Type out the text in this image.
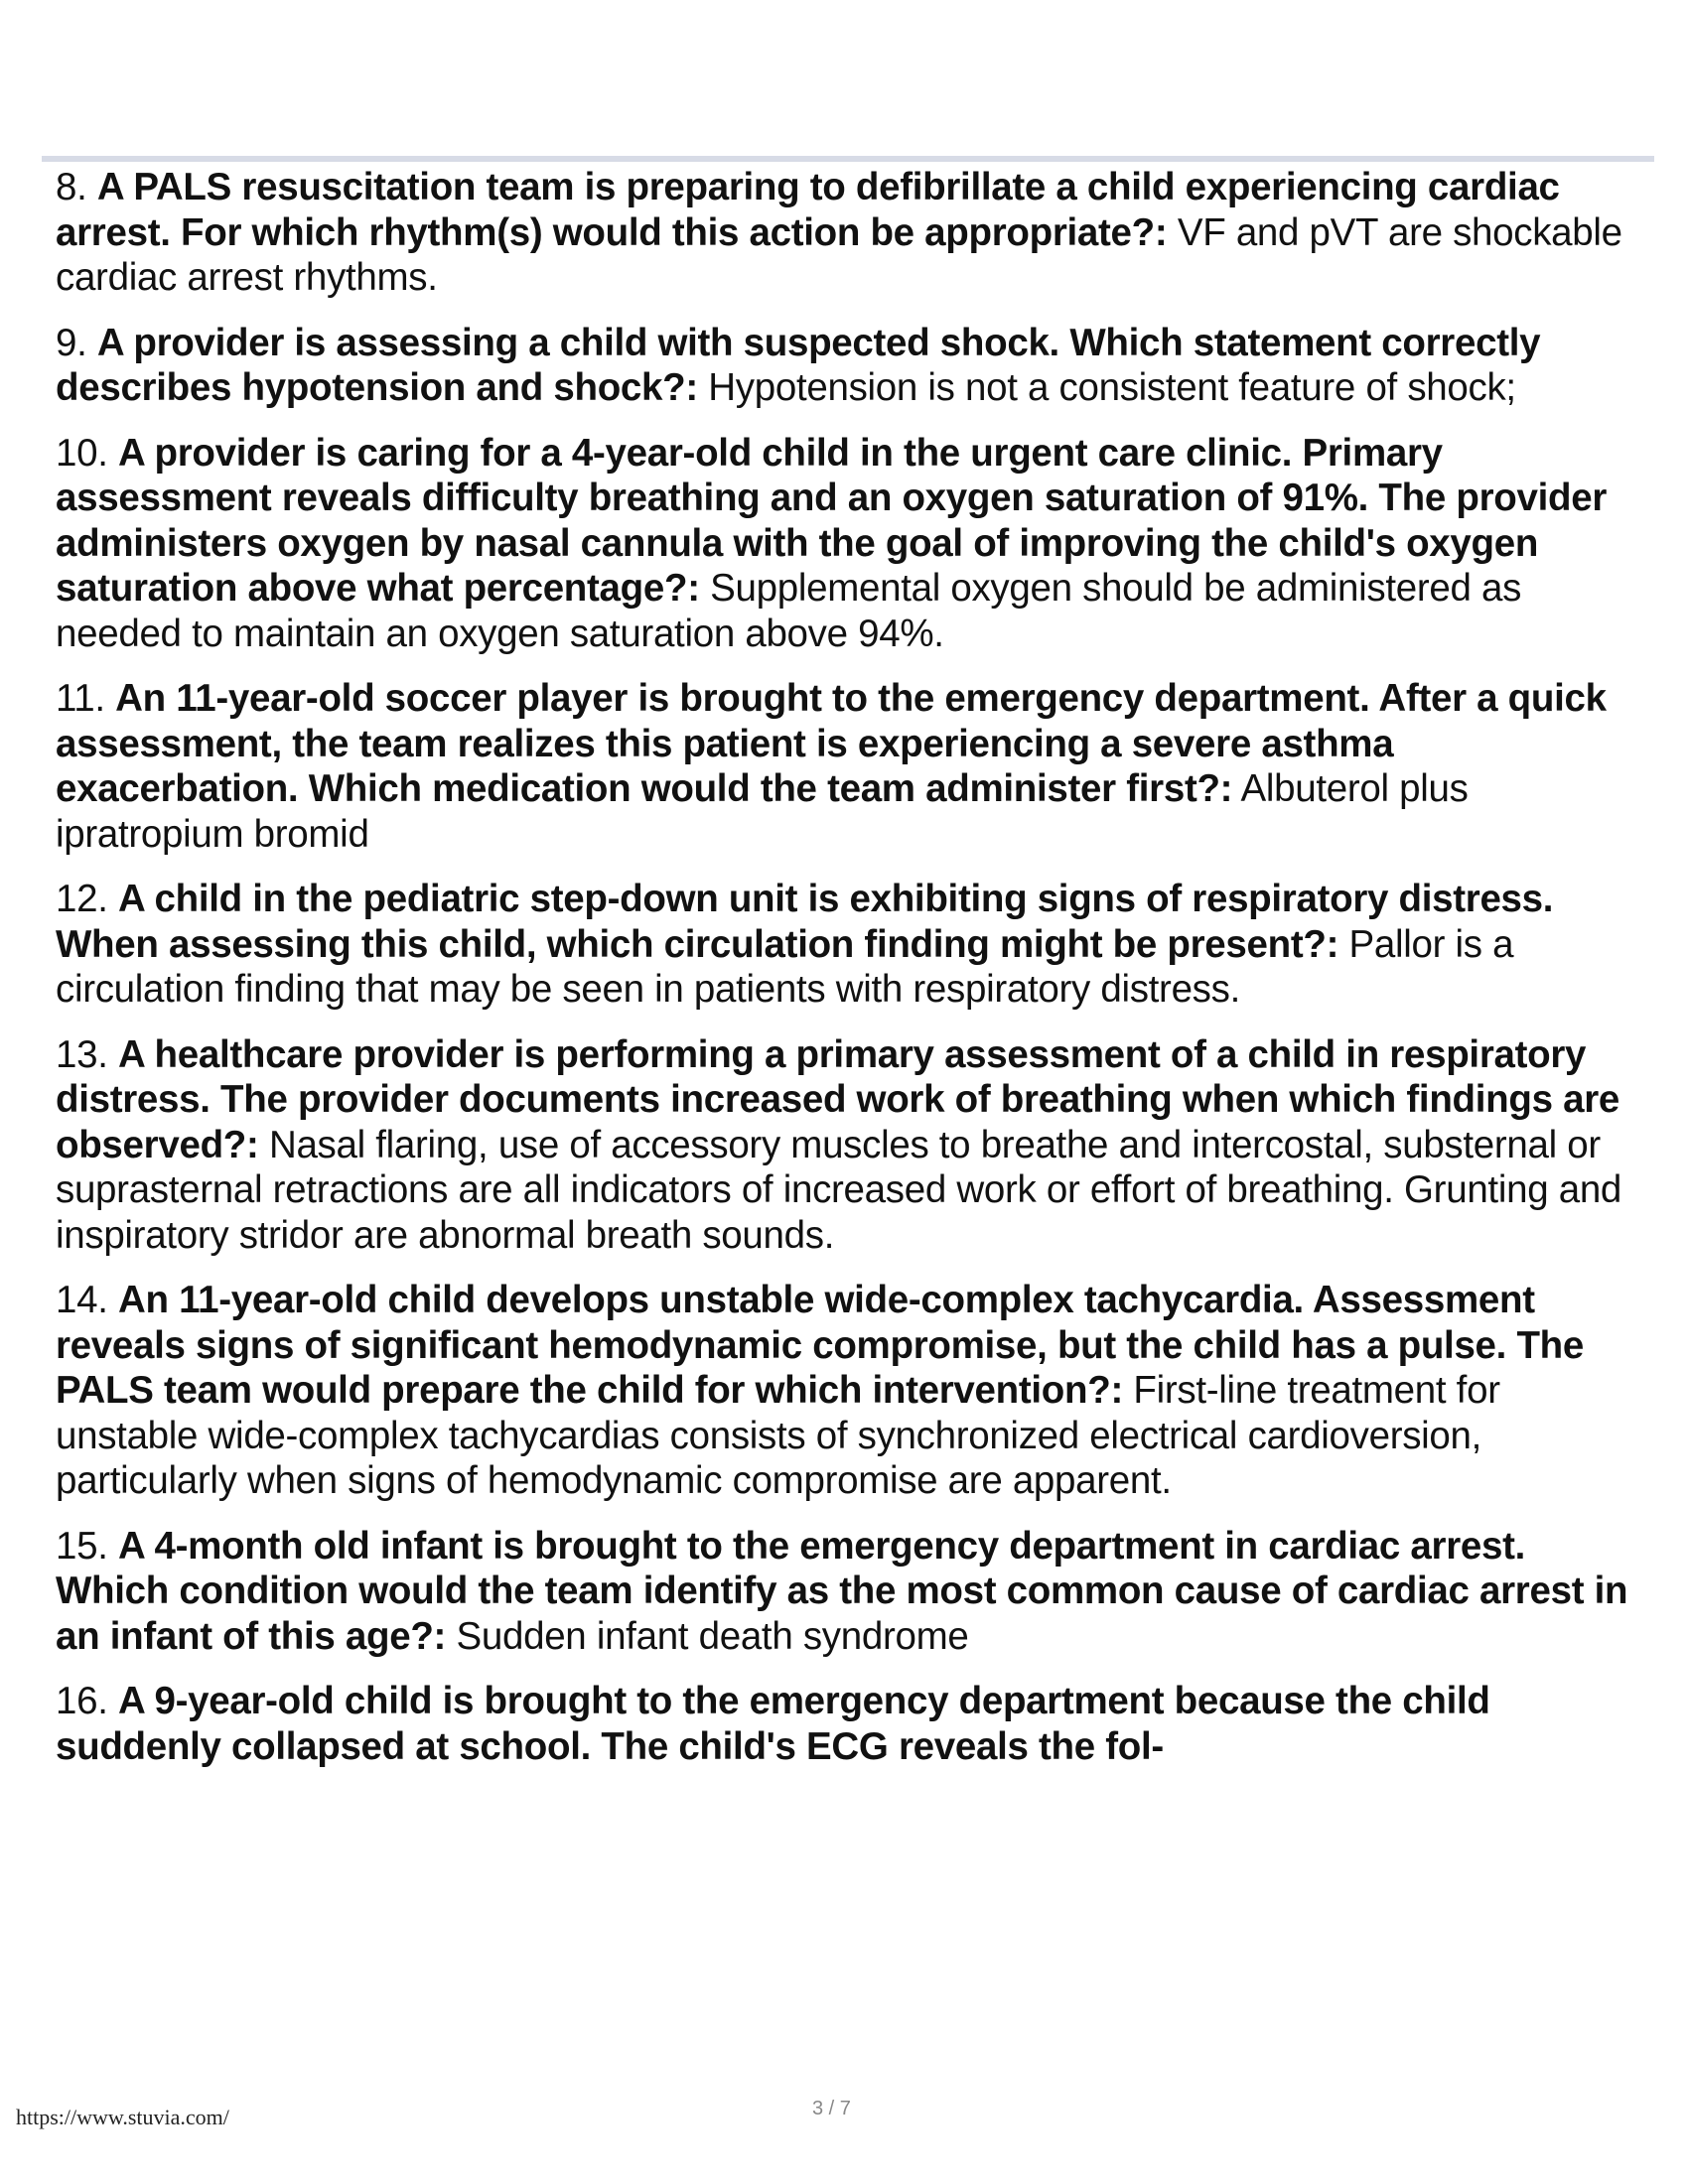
8. A PALS resuscitation team is preparing to defibrillate a child experiencing cardiac arrest. For which rhythm(s) would this action be appropriate?: VF and pVT are shockable cardiac arrest rhythms.

9. A provider is assessing a child with suspected shock. Which statement correctly describes hypotension and shock?: Hypotension is not a consistent feature of shock;

10. A provider is caring for a 4-year-old child in the urgent care clinic. Primary assessment reveals difficulty breathing and an oxygen saturation of 91%. The provider administers oxygen by nasal cannula with the goal of improving the child's oxygen saturation above what percentage?: Supplemental oxygen should be administered as needed to maintain an oxygen saturation above 94%.

11. An 11-year-old soccer player is brought to the emergency department. After a quick assessment, the team realizes this patient is experiencing a severe asthma exacerbation. Which medication would the team administer first?: Albuterol plus ipratropium bromid

12. A child in the pediatric step-down unit is exhibiting signs of respiratory distress. When assessing this child, which circulation finding might be present?: Pallor is a circulation finding that may be seen in patients with respiratory distress.

13. A healthcare provider is performing a primary assessment of a child in respiratory distress. The provider documents increased work of breathing when which findings are observed?: Nasal flaring, use of accessory muscles to breathe and intercostal, substernal or suprasternal retractions are all indicators of increased work or effort of breathing. Grunting and inspiratory stridor are abnormal breath sounds.

14. An 11-year-old child develops unstable wide-complex tachycardia. Assessment reveals signs of significant hemodynamic compromise, but the child has a pulse. The PALS team would prepare the child for which intervention?: First-line treatment for unstable wide-complex tachycardias consists of synchronized electrical cardioversion, particularly when signs of hemodynamic compromise are apparent.

15. A 4-month old infant is brought to the emergency department in cardiac arrest. Which condition would the team identify as the most common cause of cardiac arrest in an infant of this age?: Sudden infant death syndrome

16. A 9-year-old child is brought to the emergency department because the child suddenly collapsed at school. The child's ECG reveals the fol-

https://www.stuvia.com/	3 / 7
